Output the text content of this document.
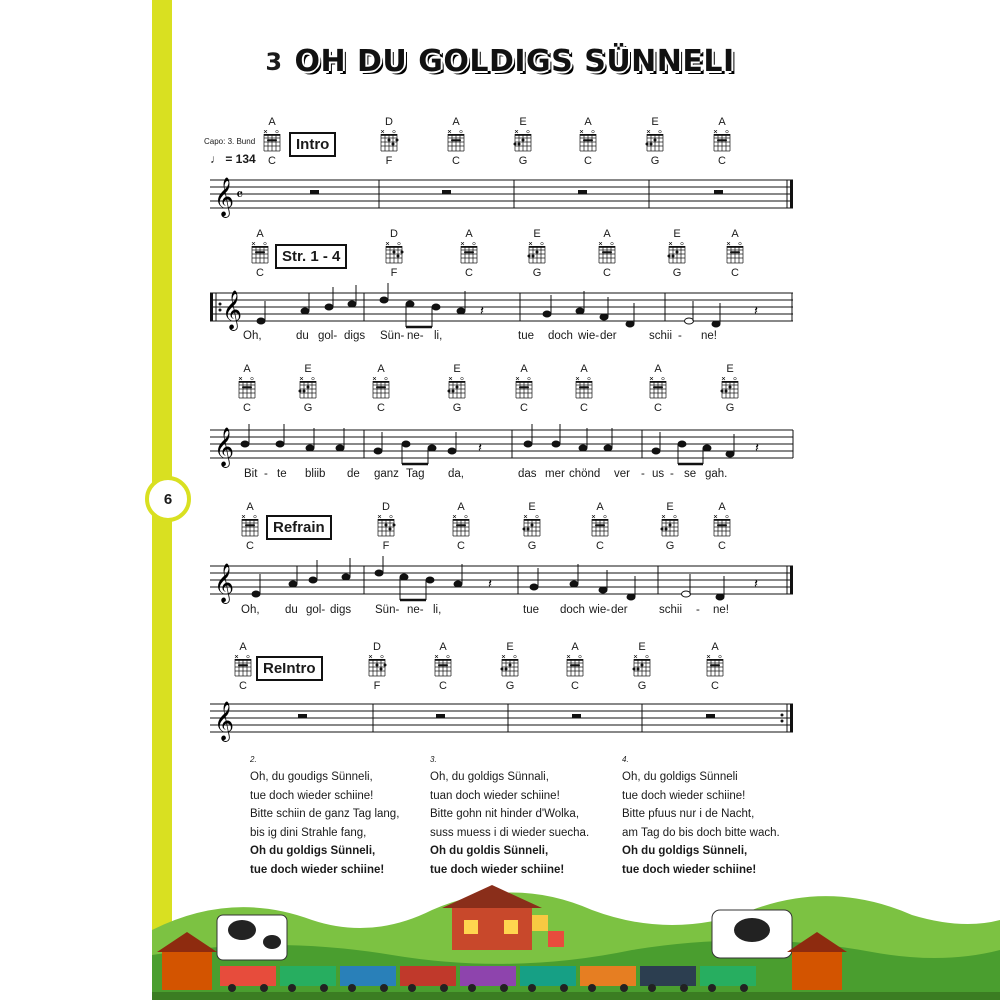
6
3 OH DU GOLDIGS SÜNNELI
Capo: 3. Bund
♩ = 134
Intro
Str. 1 - 4
Refrain
ReIntro
A
C
D
F
A
C
E
G
A
C
E
G
A
C
A
C
D
F
A
C
E
G
A
C
E
G
A
C
A
C
E
G
A
C
E
G
A
C
A
C
A
C
E
G
A
C
D
F
A
C
E
G
A
C
E
G
A
C
A
C
D
F
A
C
E
G
A
C
E
G
A
C
𝄞 𝄴
𝄞	𝄽	𝄽
𝄞	𝄽	𝄽
𝄞	𝄽	𝄽
𝄞
Oh,	du gol- digs Sün- ne- li,	tue doch wie- der	schii - ne!
Bit - te bliib de ganz Tag da,	das mer chönd ver - us - se gah.
Oh, du gol- digs Sün- ne- li,	tue doch wie- der	schii - ne!
2.
Oh, du goudigs Sünneli,
tue doch wieder schiine!
Bitte schiin de ganz Tag lang,
bis ig dini Strahle fang,
Oh du goldigs Sünneli,
tue doch wieder schiine!
3.
Oh, du goldigs Sünnali,
tuan doch wieder schiine!
Bitte gohn nit hinder d'Wolka,
suss muess i di wieder suecha.
Oh du goldis Sünneli,
tue doch wieder schiine!
4.
Oh, du goldigs Sünneli
tue doch wieder schiine!
Bitte pfuus nur i de Nacht,
am Tag do bis doch bitte wach.
Oh du goldigs Sünneli,
tue doch wieder schiine!
